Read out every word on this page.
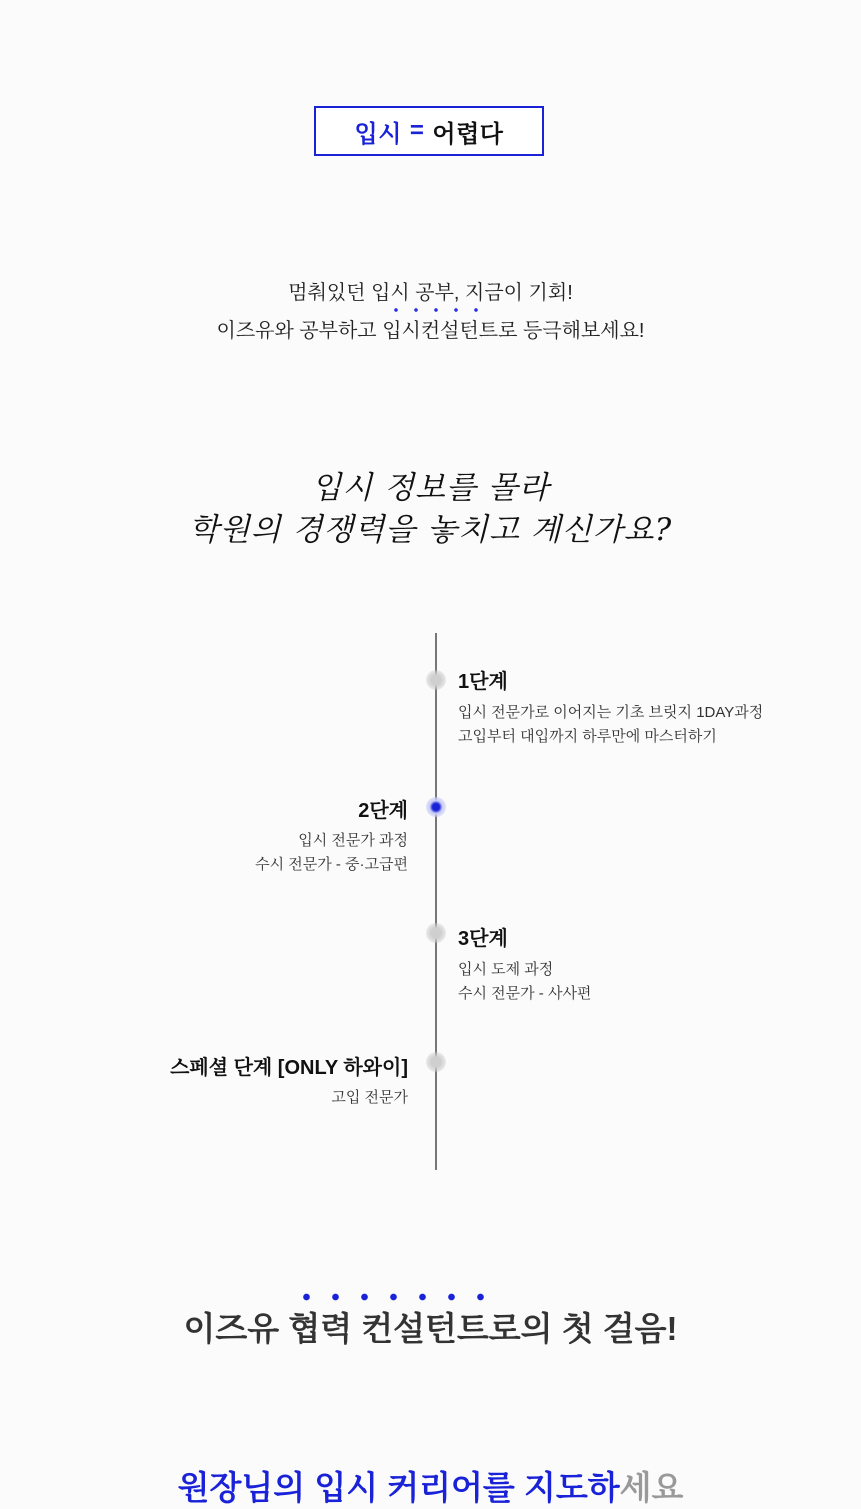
입시 = 어렵다
멈춰있던 입시 공부, 지금이 기회!
이즈유와 공부하고 입시컨설턴트로 등극해보세요!
입시 정보를 몰라
학원의 경쟁력을 놓치고 계신가요?
1단계
입시 전문가로 이어지는 기초 브릿지 1DAY과정
고입부터 대입까지 하루만에 마스터하기
2단계
입시 전문가 과정
수시 전문가 - 중·고급편
3단계
입시 도제 과정
수시 전문가 - 사사편
스페셜 단계 [ONLY 하와이]
고입 전문가
이즈유 협력 컨설턴트로의 첫 걸음!
원장님의 입시 커리어를 지도하세요
